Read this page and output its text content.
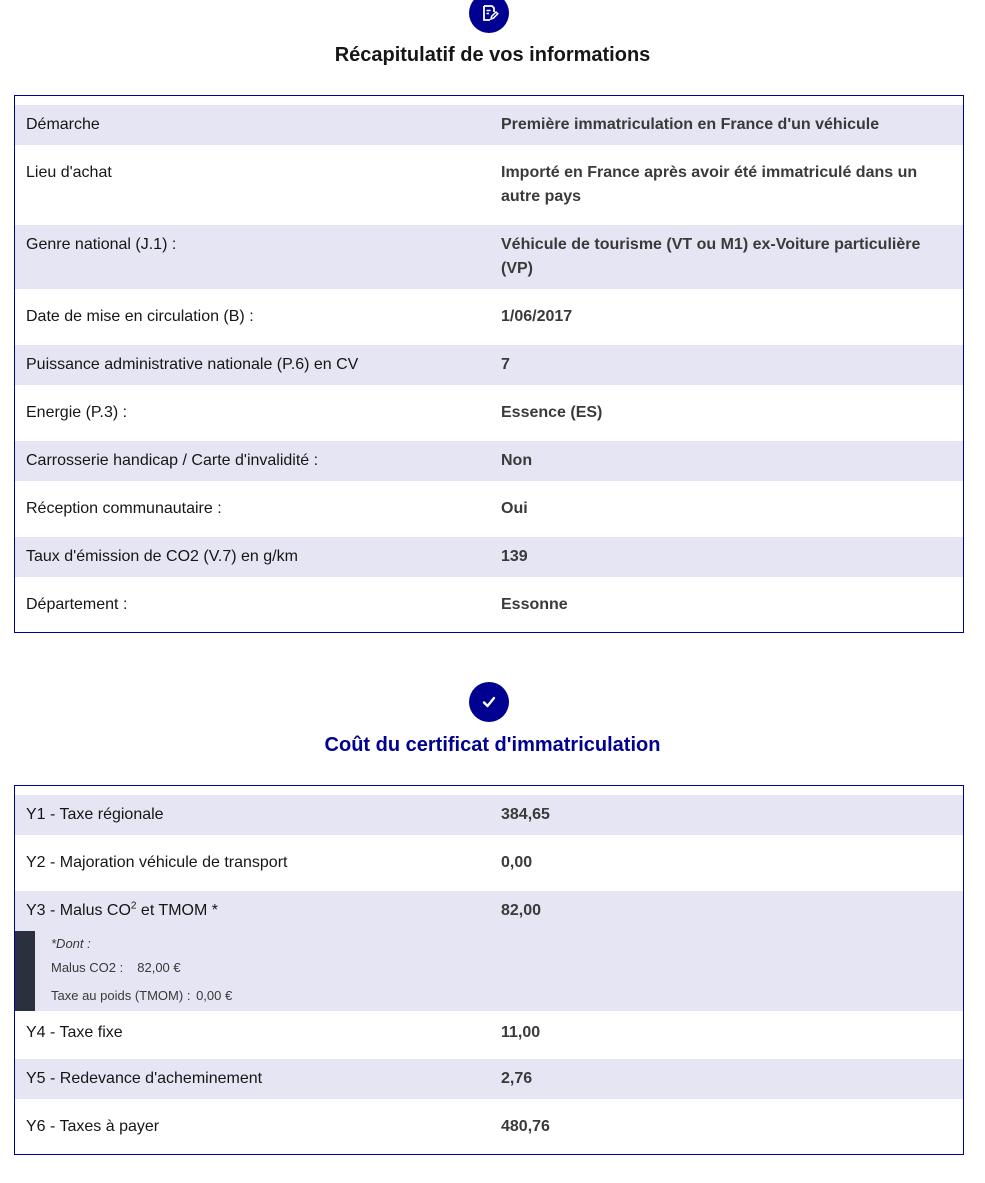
Récapitulatif de vos informations
Démarche	Première immatriculation en France d'un véhicule
Lieu d'achat	Importé en France après avoir été immatriculé dans un autre pays
Genre national (J.1) :	Véhicule de tourisme (VT ou M1) ex-Voiture particulière (VP)
Date de mise en circulation (B) :	1/06/2017
Puissance administrative nationale (P.6) en CV	7
Energie (P.3) :	Essence (ES)
Carrosserie handicap / Carte d'invalidité :	Non
Réception communautaire :	Oui
Taux d'émission de CO2 (V.7) en g/km	139
Département :	Essonne
Coût du certificat d'immatriculation
Y1 - Taxe régionale	384,65
Y2 - Majoration véhicule de transport	0,00
Y3 - Malus $CO^2$ et TMOM *	82,00
*Dont :
Malus CO2 : 82,00 €
Taxe au poids (TMOM) : 0,00 €
Y4 - Taxe fixe	11,00
Y5 - Redevance d'acheminement	2,76
Y6 - Taxes à payer	480,76
